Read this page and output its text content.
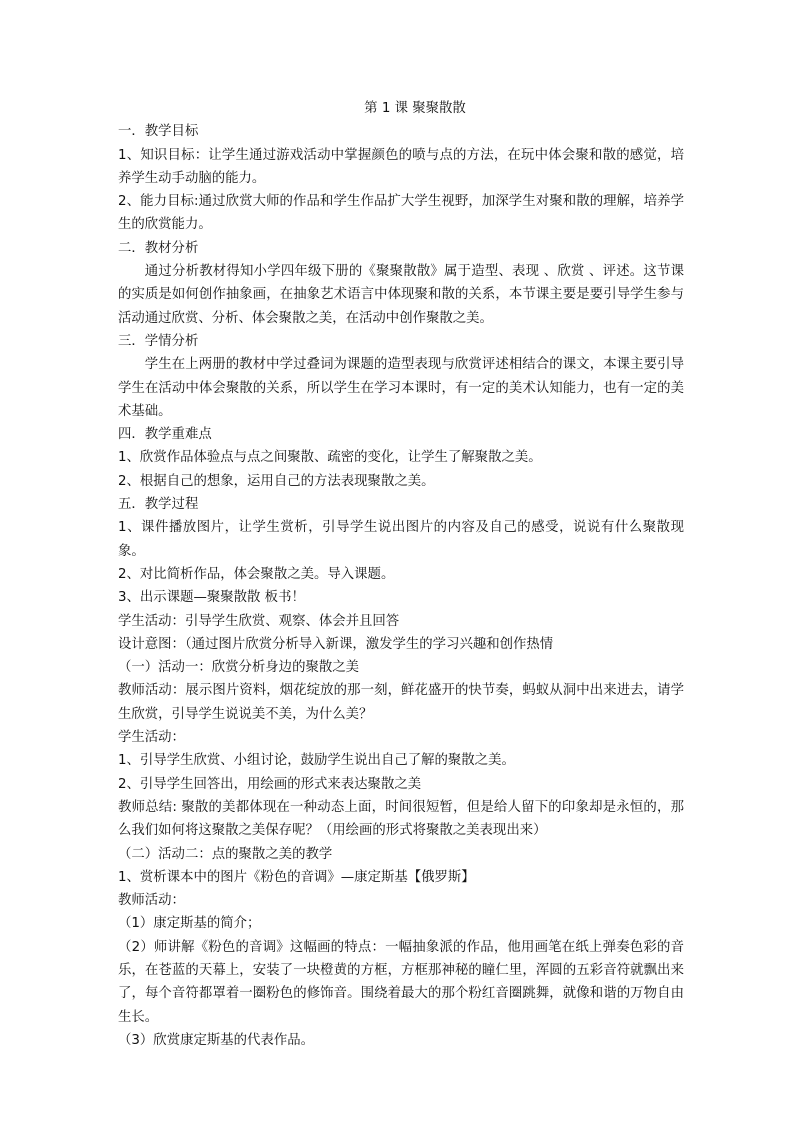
第 1 课 聚聚散散

一．教学目标

1、知识目标：让学生通过游戏活动中掌握颜色的喷与点的方法，在玩中体会聚和散的感觉，培养学生动手动脑的能力。

2、能力目标:通过欣赏大师的作品和学生作品扩大学生视野，加深学生对聚和散的理解，培养学生的欣赏能力。

二．教材分析

通过分析教材得知小学四年级下册的《聚聚散散》属于造型、表现 、欣赏 、评述。这节课的实质是如何创作抽象画，在抽象艺术语言中体现聚和散的关系，本节课主要是要引导学生参与活动通过欣赏、分析、体会聚散之美，在活动中创作聚散之美。

三．学情分析

学生在上两册的教材中学过叠词为课题的造型表现与欣赏评述相结合的课文，本课主要引导学生在活动中体会聚散的关系，所以学生在学习本课时，有一定的美术认知能力，也有一定的美术基础。

四．教学重难点

1、欣赏作品体验点与点之间聚散、疏密的变化，让学生了解聚散之美。

2、根据自己的想象，运用自己的方法表现聚散之美。

五．教学过程

1、课件播放图片，让学生赏析，引导学生说出图片的内容及自己的感受，说说有什么聚散现象。

2、对比简析作品，体会聚散之美。导入课题。

3、出示课题—聚聚散散 板书！

学生活动：引导学生欣赏、观察、体会并且回答

设计意图：（通过图片欣赏分析导入新课，激发学生的学习兴趣和创作热情

（一）活动一：欣赏分析身边的聚散之美

教师活动：展示图片资料，烟花绽放的那一刻，鲜花盛开的快节奏，蚂蚁从洞中出来进去，请学生欣赏，引导学生说说美不美，为什么美？

学生活动：

1、引导学生欣赏、小组讨论，鼓励学生说出自己了解的聚散之美。

2、引导学生回答出，用绘画的形式来表达聚散之美

教师总结: 聚散的美都体现在一种动态上面，时间很短暂，但是给人留下的印象却是永恒的，那么我们如何将这聚散之美保存呢？（用绘画的形式将聚散之美表现出来）

（二）活动二：点的聚散之美的教学

1、赏析课本中的图片《粉色的音调》—康定斯基【俄罗斯】

教师活动：

（1）康定斯基的简介；

（2）师讲解《粉色的音调》这幅画的特点：一幅抽象派的作品，他用画笔在纸上弹奏色彩的音乐，在苍蓝的天幕上，安装了一块橙黄的方框，方框那神秘的瞳仁里，浑圆的五彩音符就飘出来了，每个音符都罩着一圈粉色的修饰音。围绕着最大的那个粉红音圈跳舞，就像和谐的万物自由生长。

（3）欣赏康定斯基的代表作品。
